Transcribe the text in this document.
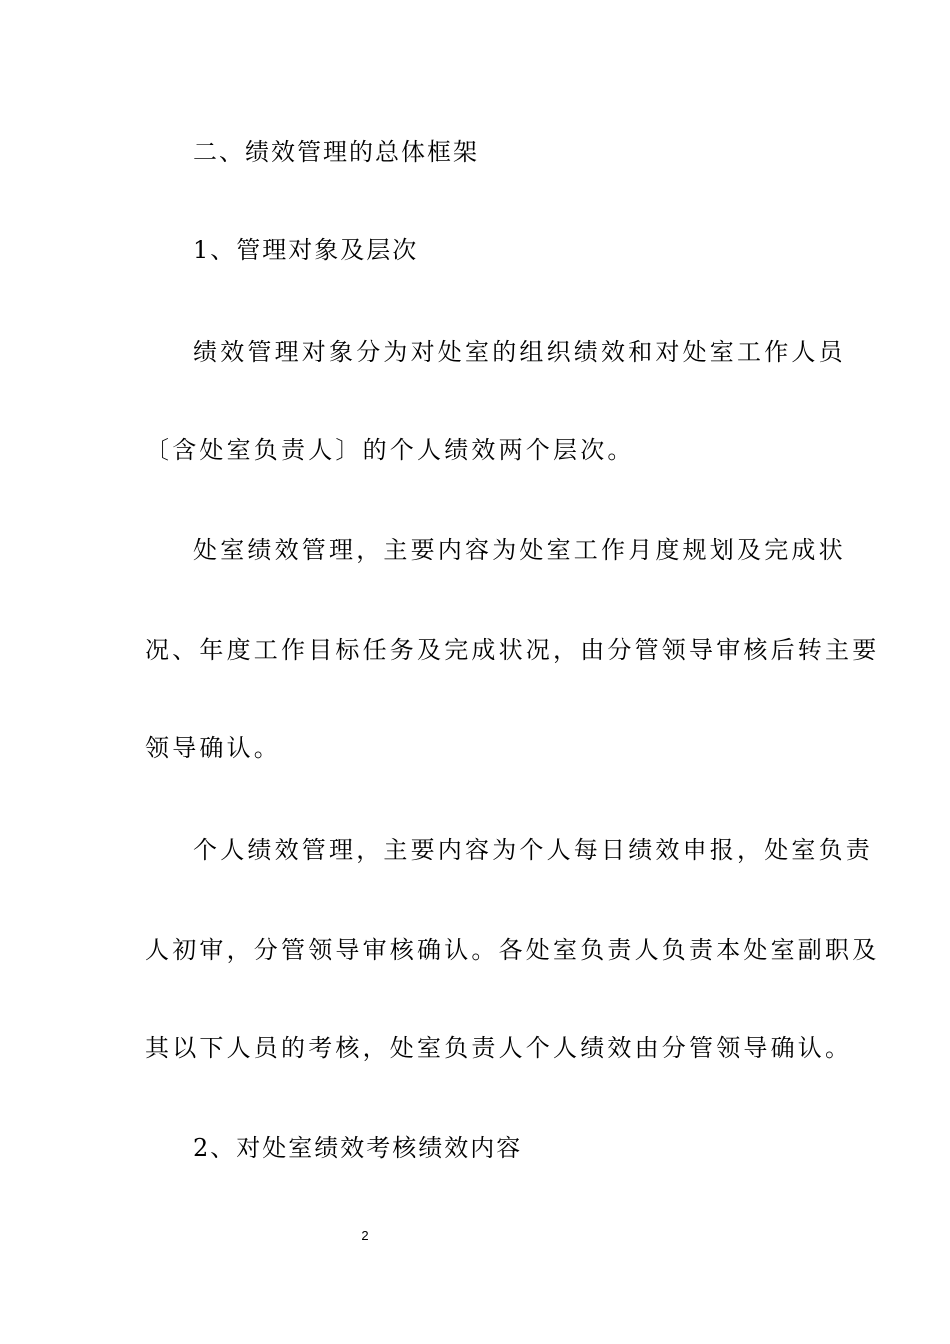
二、绩效管理的总体框架
1、管理对象及层次
绩效管理对象分为对处室的组织绩效和对处室工作人员
〔含处室负责人〕的个人绩效两个层次。
处室绩效管理，主要内容为处室工作月度规划及完成状
况、年度工作目标任务及完成状况，由分管领导审核后转主要
领导确认。
个人绩效管理，主要内容为个人每日绩效申报，处室负责
人初审，分管领导审核确认。各处室负责人负责本处室副职及
其以下人员的考核，处室负责人个人绩效由分管领导确认。
2、对处室绩效考核绩效内容
2
